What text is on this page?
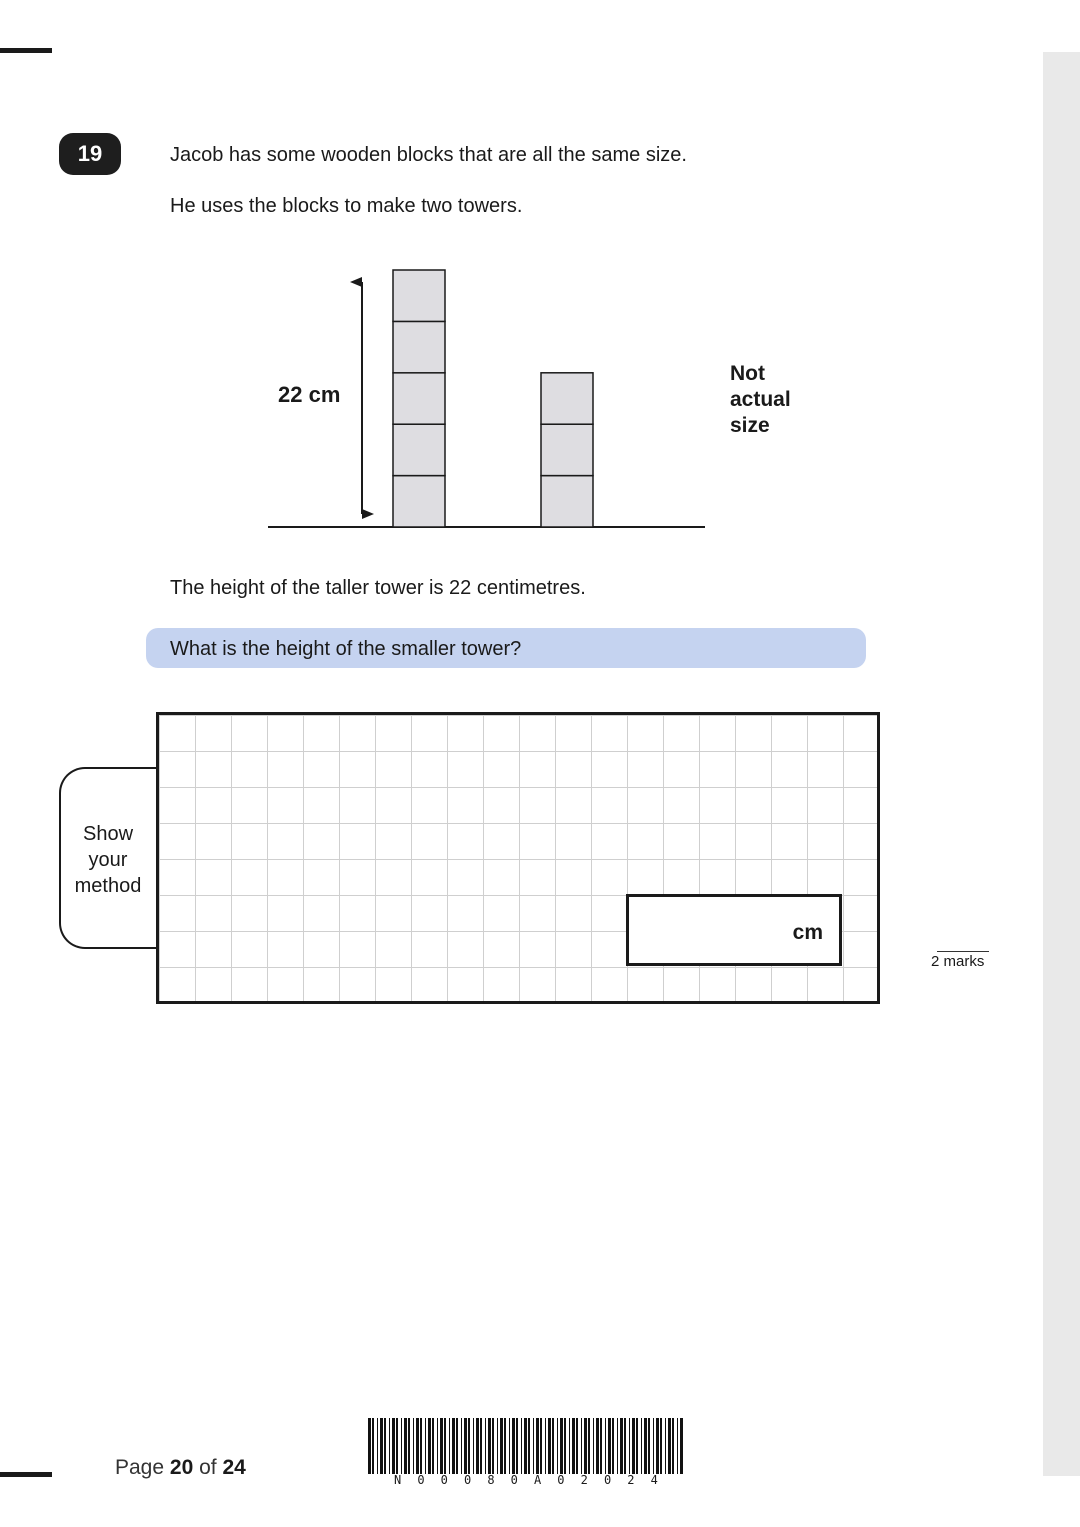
19	Jacob has some wooden blocks that are all the same size.
He uses the blocks to make two towers.
22 cm
Not
actual
size
The height of the taller tower is 22 centimetres.
What is the height of the smaller tower?
Show
your
method
cm
2 marks
Page 20 of 24
N 0 0 0 8 0 A 0 2 0 2 4
